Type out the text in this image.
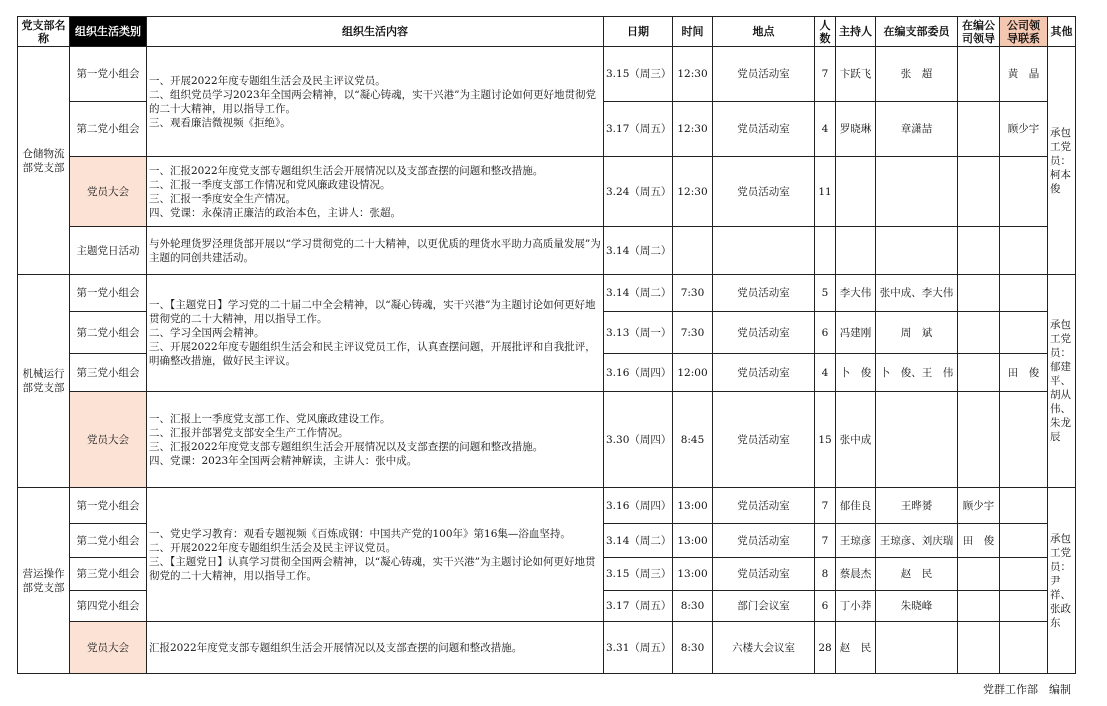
党支部名称	组织生活类别	组织生活内容	日期	时间	地点	人数	主持人	在编支部委员	在编公司领导	公司领导联系	其他
仓储物流部党支部	第一党小组会	一、开展2022年度专题组生活会及民主评议党员。
二、组织党员学习2023年全国两会精神，以“凝心铸魂，实干兴港”为主题讨论如何更好地贯彻党的二十大精神，用以指导工作。
三、观看廉洁微视频《拒绝》。	3.15（周三）	12:30	党员活动室	7	卞跃飞	张　超		黄　晶	承包工党员：柯本俊
	第二党小组会		3.17（周五）	12:30	党员活动室	4	罗晓琳	章潇喆		顾少宇	
	党员大会	一、汇报2022年度党支部专题组织生活会开展情况以及支部查摆的问题和整改措施。
二、汇报一季度支部工作情况和党风廉政建设情况。
三、汇报一季度安全生产情况。
四、党课：永葆清正廉洁的政治本色，主讲人：张超。	3.24（周五）	12:30	党员活动室	11					
	主题党日活动	与外轮理货罗泾理货部开展以“学习贯彻党的二十大精神，以更优质的理货水平助力高质量发展”为主题的同创共建活动。	3.14（周二）								
机械运行部党支部	第一党小组会	一、【主题党日】学习党的二十届二中全会精神，以“凝心铸魂，实干兴港”为主题讨论如何更好地贯彻党的二十大精神，用以指导工作。
二、学习全国两会精神。
三、开展2022年度专题组织生活会和民主评议党员工作，认真查摆问题，开展批评和自我批评，明确整改措施，做好民主评议。	3.14（周二）	7:30	党员活动室	5	李大伟	张中成、李大伟			承包工党员：郁建平、胡从伟、朱龙辰
	第二党小组会		3.13（周一）	7:30	党员活动室	6	冯建刚	周　斌			
	第三党小组会		3.16（周四）	12:00	党员活动室	4	卜　俊	卜　俊、王　伟		田　俊	
	党员大会	一、汇报上一季度党支部工作、党风廉政建设工作。
二、汇报并部署党支部安全生产工作情况。
三、汇报2022年度党支部专题组织生活会开展情况以及支部查摆的问题和整改措施。
四、党课：2023年全国两会精神解读，主讲人：张中成。	3.30（周四）	8:45	党员活动室	15	张中成				
营运操作部党支部	第一党小组会	一、党史学习教育：观看专题视频《百炼成钢：中国共产党的100年》第16集—浴血坚持。
二、开展2022年度专题组织生活会及民主评议党员。
三、【主题党日】认真学习贯彻全国两会精神，以“凝心铸魂，实干兴港”为主题讨论如何更好地贯彻党的二十大精神，用以指导工作。	3.16（周四）	13:00	党员活动室	7	郁佳良	王晔赟	顾少宇		承包工党员：尹祥、张政东
	第二党小组会		3.14（周二）	13:00	党员活动室	7	王琼彦	王琼彦、刘庆瑞	田　俊		
	第三党小组会		3.15（周三）	13:00	党员活动室	8	蔡晨杰	赵　民			
	第四党小组会		3.17（周五）	8:30	部门会议室	6	丁小莽	朱晓峰			
	党员大会	汇报2022年度党支部专题组织生活会开展情况以及支部查摆的问题和整改措施。	3.31（周五）	8:30	六楼大会议室	28	赵　民				
党群工作部　编制
